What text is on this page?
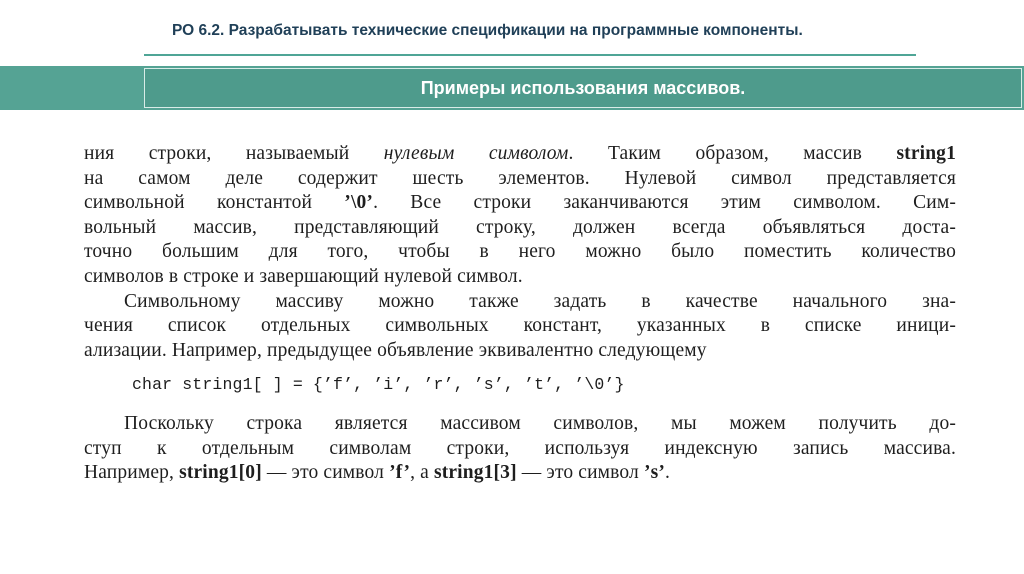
РО 6.2. Разрабатывать технические спецификации на программные компоненты.
Примеры использования массивов.
ния строки, называемый нулевым символом. Таким образом, массив string1
на самом деле содержит шесть элементов. Нулевой символ представляется
символьной константой ’\0’. Все строки заканчиваются этим символом. Сим-
вольный массив, представляющий строку, должен всегда объявляться доста-
точно большим для того, чтобы в него можно было поместить количество
символов в строке и завершающий нулевой символ.
Символьному массиву можно также задать в качестве начального зна-
чения список отдельных символьных констант, указанных в списке иници-
ализации. Например, предыдущее объявление эквивалентно следующему
char string1[ ] = {’f’, ’i’, ’r’, ’s’, ’t’, ’\0’}
Поскольку строка является массивом символов, мы можем получить до-
ступ к отдельным символам строки, используя индексную запись массива.
Например, string1[0] — это символ ’f’, а string1[3] — это символ ’s’.
